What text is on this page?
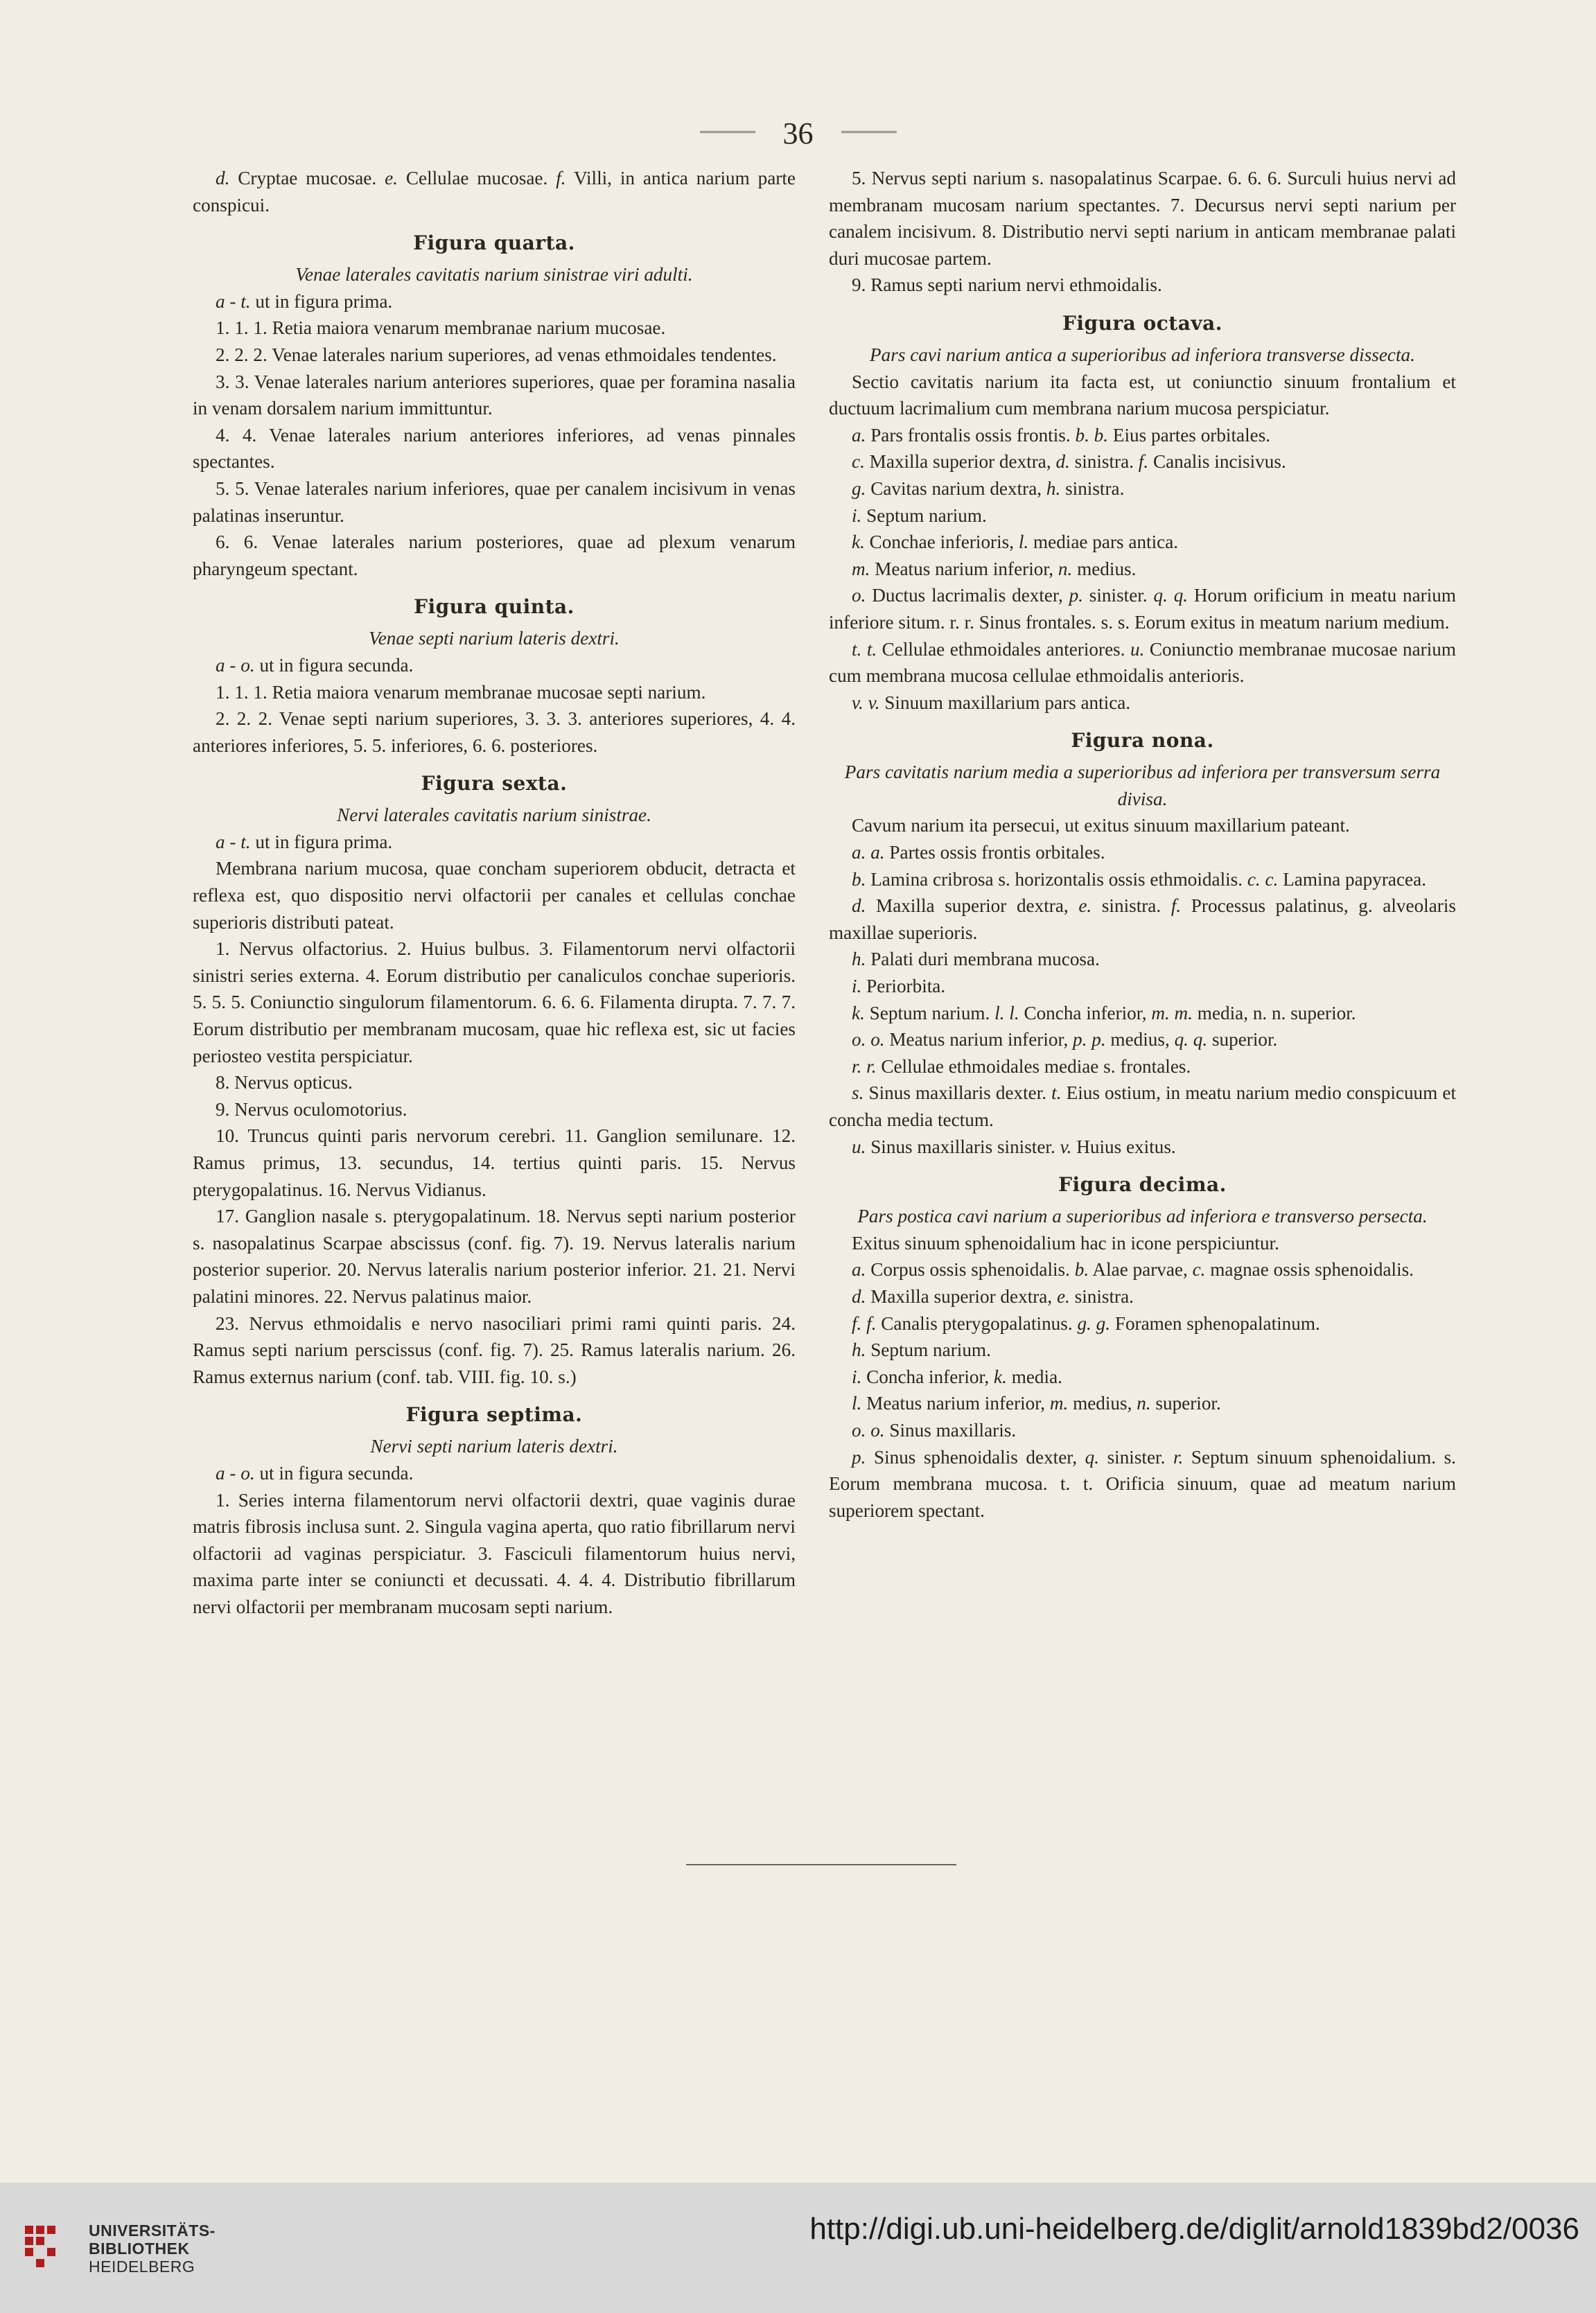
36

d. Cryptae mucosae. e. Cellulae mucosae. f. Villi, in antica narium parte conspicui.

Figura quarta.

Venae laterales cavitatis narium sinistrae viri adulti.

a - t. ut in figura prima.

1. 1. 1. Retia maiora venarum membranae narium mucosae.

2. 2. 2. Venae laterales narium superiores, ad venas ethmoidales tendentes.

3. 3. Venae laterales narium anteriores superiores, quae per foramina nasalia in venam dorsalem narium immittuntur.

4. 4. Venae laterales narium anteriores inferiores, ad venas pinnales spectantes.

5. 5. Venae laterales narium inferiores, quae per canalem incisivum in venas palatinas inseruntur.

6. 6. Venae laterales narium posteriores, quae ad plexum venarum pharyngeum spectant.

Figura quinta.

Venae septi narium lateris dextri.

a - o. ut in figura secunda.

1. 1. 1. Retia maiora venarum membranae mucosae septi narium.

2. 2. 2. Venae septi narium superiores, 3. 3. 3. anteriores superiores, 4. 4. anteriores inferiores, 5. 5. inferiores, 6. 6. posteriores.

Figura sexta.

Nervi laterales cavitatis narium sinistrae.

a - t. ut in figura prima.

Membrana narium mucosa, quae concham superiorem obducit, detracta et reflexa est, quo dispositio nervi olfactorii per canales et cellulas conchae superioris distributi pateat.

1. Nervus olfactorius. 2. Huius bulbus. 3. Filamentorum nervi olfactorii sinistri series externa. 4. Eorum distributio per canaliculos conchae superioris. 5. 5. 5. Coniunctio singulorum filamentorum. 6. 6. 6. Filamenta dirupta. 7. 7. 7. Eorum distributio per membranam mucosam, quae hic reflexa est, sic ut facies periosteo vestita perspiciatur.

8. Nervus opticus.

9. Nervus oculomotorius.

10. Truncus quinti paris nervorum cerebri. 11. Ganglion semilunare. 12. Ramus primus, 13. secundus, 14. tertius quinti paris. 15. Nervus pterygopalatinus. 16. Nervus Vidianus.

17. Ganglion nasale s. pterygopalatinum. 18. Nervus septi narium posterior s. nasopalatinus Scarpae abscissus (conf. fig. 7). 19. Nervus lateralis narium posterior superior. 20. Nervus lateralis narium posterior inferior. 21. 21. Nervi palatini minores. 22. Nervus palatinus maior.

23. Nervus ethmoidalis e nervo nasociliari primi rami quinti paris. 24. Ramus septi narium perscissus (conf. fig. 7). 25. Ramus lateralis narium. 26. Ramus externus narium (conf. tab. VIII. fig. 10. s.)

Figura septima.

Nervi septi narium lateris dextri.

a - o. ut in figura secunda.

1. Series interna filamentorum nervi olfactorii dextri, quae vaginis durae matris fibrosis inclusa sunt. 2. Singula vagina aperta, quo ratio fibrillarum nervi olfactorii ad vaginas perspiciatur. 3. Fasciculi filamentorum huius nervi, maxima parte inter se coniuncti et decussati. 4. 4. 4. Distributio fibrillarum nervi olfactorii per membranam mucosam septi narium.

5. Nervus septi narium s. nasopalatinus Scarpae. 6. 6. 6. Surculi huius nervi ad membranam mucosam narium spectantes. 7. Decursus nervi septi narium per canalem incisivum. 8. Distributio nervi septi narium in anticam membranae palati duri mucosae partem.

9. Ramus septi narium nervi ethmoidalis.

Figura octava.

Pars cavi narium antica a superioribus ad inferiora transverse dissecta.

Sectio cavitatis narium ita facta est, ut coniunctio sinuum frontalium et ductuum lacrimalium cum membrana narium mucosa perspiciatur.

a. Pars frontalis ossis frontis. b. b. Eius partes orbitales.

c. Maxilla superior dextra, d. sinistra. f. Canalis incisivus.

g. Cavitas narium dextra, h. sinistra.

i. Septum narium.

k. Conchae inferioris, l. mediae pars antica.

m. Meatus narium inferior, n. medius.

o. Ductus lacrimalis dexter, p. sinister. q. q. Horum orificium in meatu narium inferiore situm. r. r. Sinus frontales. s. s. Eorum exitus in meatum narium medium.

t. t. Cellulae ethmoidales anteriores. u. Coniunctio membranae mucosae narium cum membrana mucosa cellulae ethmoidalis anterioris.

v. v. Sinuum maxillarium pars antica.

Figura nona.

Pars cavitatis narium media a superioribus ad inferiora per transversum serra divisa.

Cavum narium ita persecui, ut exitus sinuum maxillarium pateant.

a. a. Partes ossis frontis orbitales.

b. Lamina cribrosa s. horizontalis ossis ethmoidalis. c. c. Lamina papyracea.

d. Maxilla superior dextra, e. sinistra. f. Processus palatinus, g. alveolaris maxillae superioris.

h. Palati duri membrana mucosa.

i. Periorbita.

k. Septum narium. l. l. Concha inferior, m. m. media, n. n. superior.

o. o. Meatus narium inferior, p. p. medius, q. q. superior.

r. r. Cellulae ethmoidales mediae s. frontales.

s. Sinus maxillaris dexter. t. Eius ostium, in meatu narium medio conspicuum et concha media tectum.

u. Sinus maxillaris sinister. v. Huius exitus.

Figura decima.

Pars postica cavi narium a superioribus ad inferiora e transverso persecta.

Exitus sinuum sphenoidalium hac in icone perspiciuntur.

a. Corpus ossis sphenoidalis. b. Alae parvae, c. magnae ossis sphenoidalis.

d. Maxilla superior dextra, e. sinistra.

f. f. Canalis pterygopalatinus. g. g. Foramen sphenopalatinum.

h. Septum narium.

i. Concha inferior, k. media.

l. Meatus narium inferior, m. medius, n. superior.

o. o. Sinus maxillaris.

p. Sinus sphenoidalis dexter, q. sinister. r. Septum sinuum sphenoidalium. s. Eorum membrana mucosa. t. t. Orificia sinuum, quae ad meatum narium superiorem spectant.

UNIVERSITÄTS-
BIBLIOTHEK
HEIDELBERG
http://digi.ub.uni-heidelberg.de/diglit/arnold1839bd2/0036
